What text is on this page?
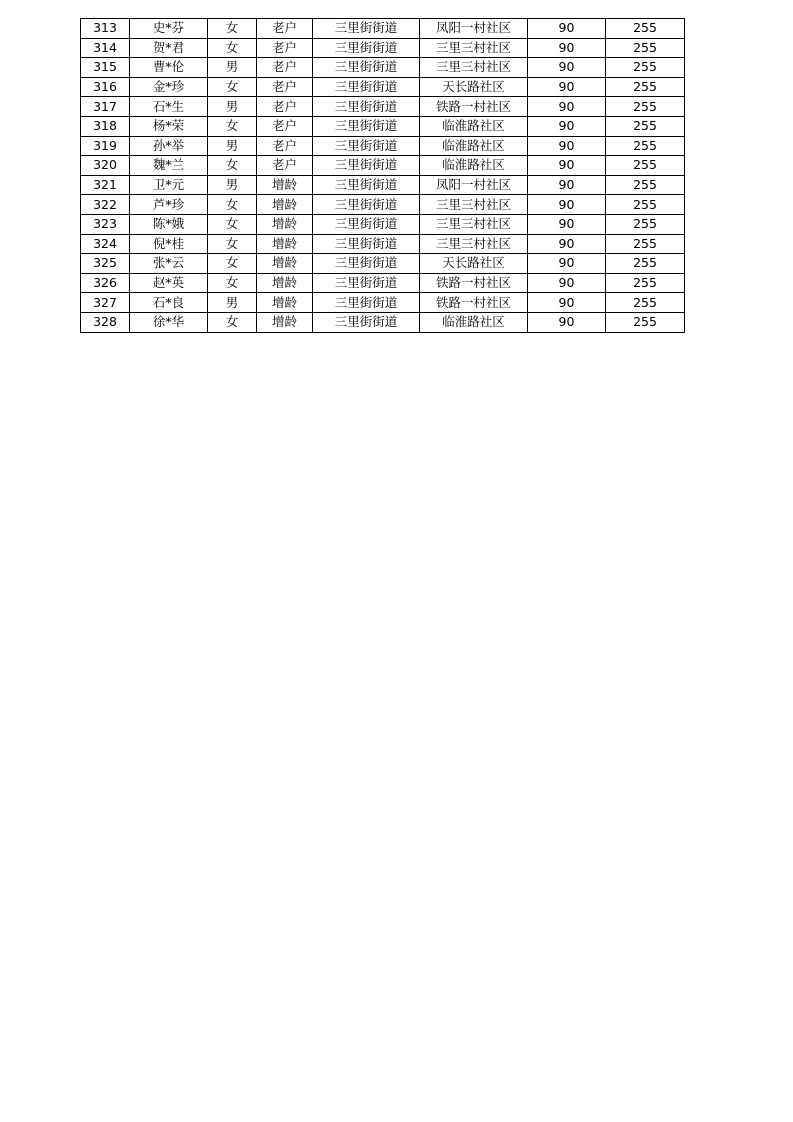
313	史*芬	女	老户	三里街街道	凤阳一村社区	90	255
314	贺*君	女	老户	三里街街道	三里三村社区	90	255
315	曹*伦	男	老户	三里街街道	三里三村社区	90	255
316	金*珍	女	老户	三里街街道	天长路社区	90	255
317	石*生	男	老户	三里街街道	铁路一村社区	90	255
318	杨*荣	女	老户	三里街街道	临淮路社区	90	255
319	孙*举	男	老户	三里街街道	临淮路社区	90	255
320	魏*兰	女	老户	三里街街道	临淮路社区	90	255
321	卫*元	男	增龄	三里街街道	凤阳一村社区	90	255
322	芦*珍	女	增龄	三里街街道	三里三村社区	90	255
323	陈*娥	女	增龄	三里街街道	三里三村社区	90	255
324	倪*桂	女	增龄	三里街街道	三里三村社区	90	255
325	张*云	女	增龄	三里街街道	天长路社区	90	255
326	赵*英	女	增龄	三里街街道	铁路一村社区	90	255
327	石*良	男	增龄	三里街街道	铁路一村社区	90	255
328	徐*华	女	增龄	三里街街道	临淮路社区	90	255
